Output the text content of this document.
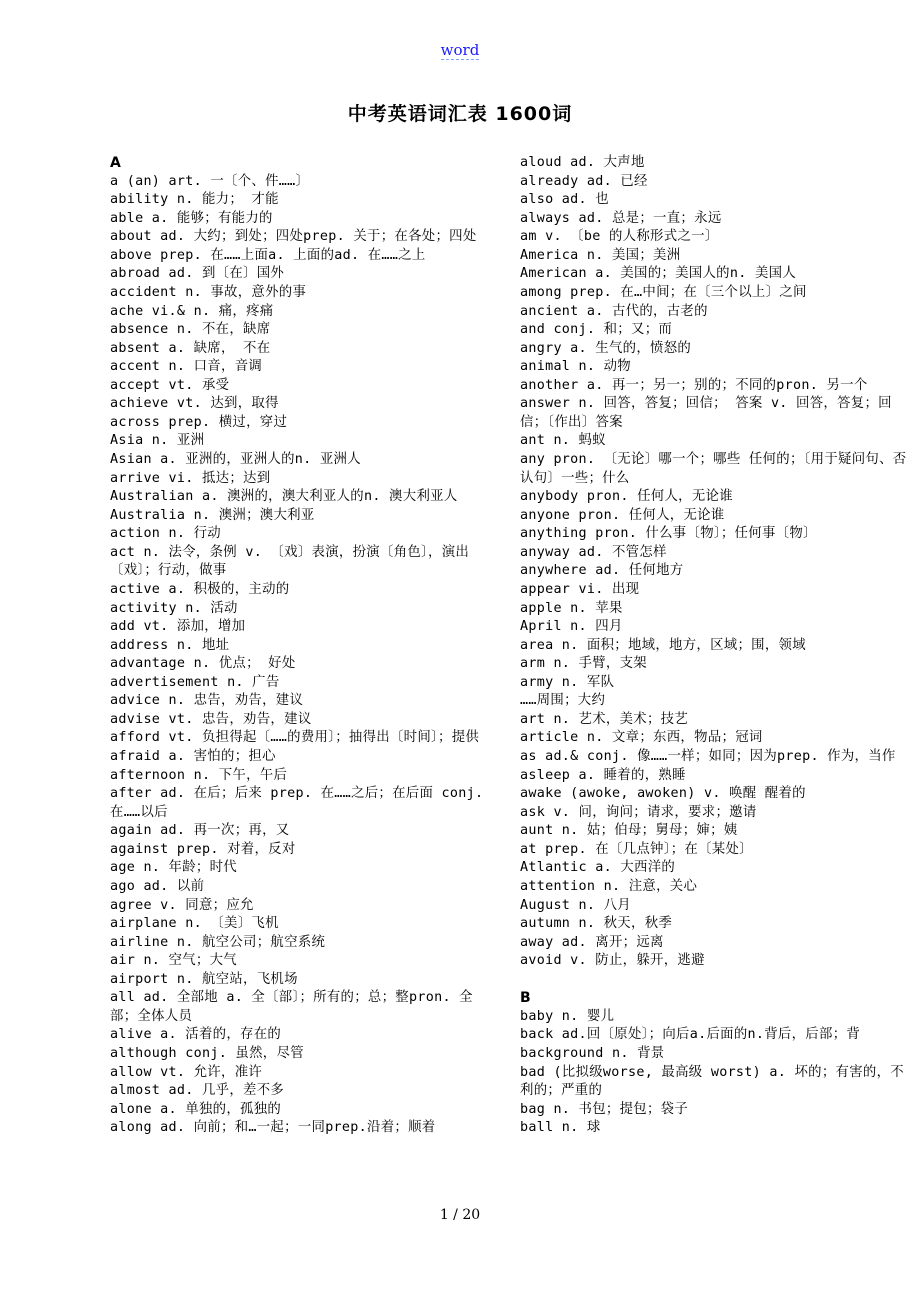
word
中考英语词汇表 1600词
A
a (an) art. 一〔个、件……〕
ability n. 能力； 才能
able a. 能够；有能力的
about ad. 大约；到处；四处prep. 关于；在各处；四处
above prep. 在……上面a. 上面的ad. 在……之上
abroad ad. 到〔在〕国外
accident n. 事故，意外的事
ache vi.& n. 痛，疼痛
absence n. 不在，缺席
absent a. 缺席， 不在
accent n. 口音，音调
accept vt. 承受
achieve vt. 达到，取得
across prep. 横过，穿过
Asia n. 亚洲
Asian a. 亚洲的，亚洲人的n. 亚洲人
arrive vi. 抵达；达到
Australian a. 澳洲的，澳大利亚人的n. 澳大利亚人
Australia n. 澳洲；澳大利亚
action n. 行动
act n. 法令，条例 v. 〔戏〕表演，扮演〔角色〕，演出〔戏〕；行动，做事
active a. 积极的，主动的
activity n. 活动
add vt. 添加，增加
address n. 地址
advantage n. 优点； 好处
advertisement n. 广告
advice n. 忠告，劝告，建议
advise vt. 忠告，劝告，建议
afford vt. 负担得起〔……的费用〕；抽得出〔时间〕；提供
afraid a. 害怕的；担心
afternoon n. 下午，午后
after ad. 在后；后来 prep. 在……之后；在后面 conj. 在……以后
again ad. 再一次；再，又
against prep. 对着，反对
age n. 年龄；时代
ago ad. 以前
agree v. 同意；应允
airplane n. 〔美〕飞机
airline n. 航空公司；航空系统
air n. 空气；大气
airport n. 航空站，飞机场
all ad. 全部地 a. 全〔部〕；所有的；总；整pron. 全部；全体人员
alive a. 活着的，存在的
although conj. 虽然，尽管
allow vt. 允许，准许
almost ad. 几乎，差不多
alone a. 单独的，孤独的
along ad. 向前；和…一起；一同prep.沿着；顺着
aloud ad. 大声地
already ad. 已经
also ad. 也
always ad. 总是；一直；永远
am v. 〔be 的人称形式之一〕
America n. 美国；美洲
American a. 美国的；美国人的n. 美国人
among prep. 在…中间；在〔三个以上〕之间
ancient a. 古代的，古老的
and conj. 和；又；而
angry a. 生气的，愤怒的
animal n. 动物
another a. 再一；另一；别的；不同的pron. 另一个
answer n. 回答，答复；回信； 答案 v. 回答，答复；回信；〔作出〕答案
ant n. 蚂蚁
any pron. 〔无论〕哪一个；哪些 任何的；〔用于疑问句、否认句〕一些；什么
anybody pron. 任何人，无论谁
anyone pron. 任何人，无论谁
anything pron. 什么事〔物〕；任何事〔物〕
anyway ad. 不管怎样
anywhere ad. 任何地方
appear vi. 出现
apple n. 苹果
April n. 四月
area n. 面积；地域，地方，区域；围，领域
arm n. 手臂，支架
army n. 军队
……周围；大约
art n. 艺术，美术；技艺
article n. 文章；东西，物品；冠词
as ad.& conj. 像……一样；如同；因为prep. 作为，当作
asleep a. 睡着的，熟睡
awake (awoke, awoken) v. 唤醒 醒着的
ask v. 问，询问；请求，要求；邀请
aunt n. 姑；伯母；舅母；婶；姨
at prep. 在〔几点钟〕；在〔某处〕
Atlantic a. 大西洋的
attention n. 注意，关心
August n. 八月
autumn n. 秋天，秋季
away ad. 离开；远离
avoid v. 防止，躲开，逃避
B
baby n. 婴儿
back ad.回〔原处〕；向后a.后面的n.背后，后部；背
background n. 背景
bad (比拟级worse, 最高级 worst) a. 坏的；有害的，不利的；严重的
bag n. 书包；提包；袋子
ball n. 球
1 / 20
